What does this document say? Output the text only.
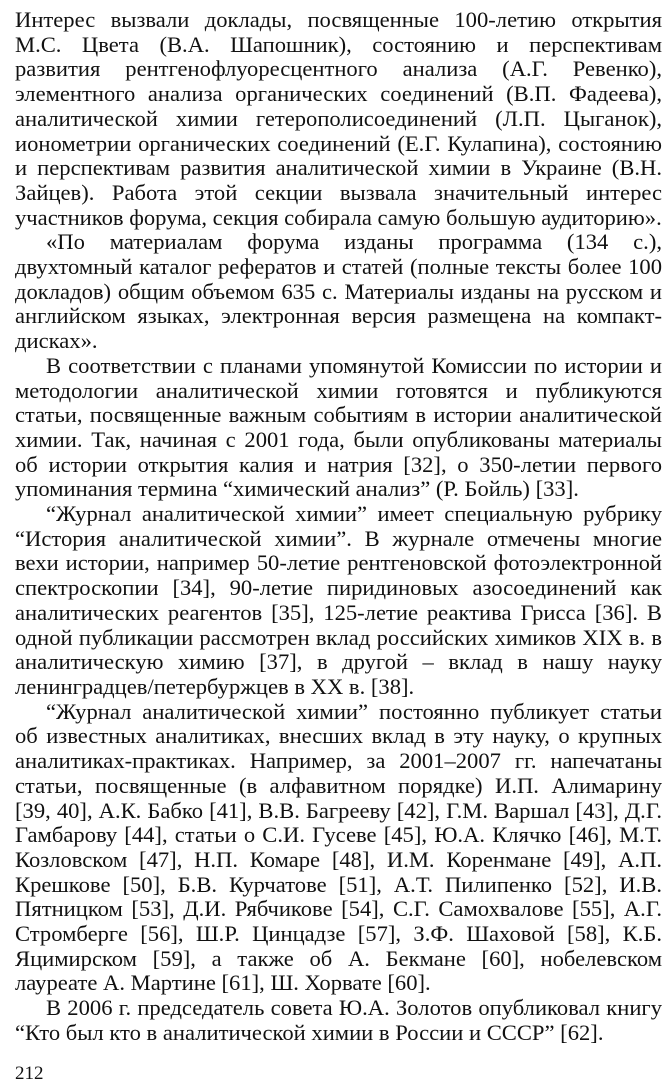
Интерес вызвали доклады, посвященные 100-летию открытия М.С. Цвета (В.А. Шапошник), состоянию и перспективам развития рентгенофлуоресцентного анализа (А.Г. Ревенко), элементного анализа органических соединений (В.П. Фадеева), аналитической химии гетерополисоединений (Л.П. Цыганок), ионометрии органических соединений (Е.Г. Кулапина), состоянию и перспективам развития аналитической химии в Украине (В.Н. Зайцев). Работа этой секции вызвала значительный интерес участников форума, секция собирала самую большую аудиторию».

«По материалам форума изданы программа (134 с.), двухтомный каталог рефератов и статей (полные тексты более 100 докладов) общим объемом 635 с. Материалы изданы на русском и английском языках, электронная версия размещена на компакт-дисках».

В соответствии с планами упомянутой Комиссии по истории и методологии аналитической химии готовятся и публикуются статьи, посвященные важным событиям в истории аналитической химии. Так, начиная с 2001 года, были опубликованы материалы об истории открытия калия и натрия [32], о 350-летии первого упоминания термина “химический анализ” (Р. Бойль) [33].

“Журнал аналитической химии” имеет специальную рубрику “История аналитической химии”. В журнале отмечены многие вехи истории, например 50-летие рентгеновской фотоэлектронной спектроскопии [34], 90-летие пиридиновых азосоединений как аналитических реагентов [35], 125-летие реактива Грисса [36]. В одной публикации рассмотрен вклад российских химиков XIX в. в аналитическую химию [37], в другой – вклад в нашу науку ленинградцев/петербуржцев в XX в. [38].

“Журнал аналитической химии” постоянно публикует статьи об известных аналитиках, внесших вклад в эту науку, о крупных аналитиках-практиках. Например, за 2001–2007 гг. напечатаны статьи, посвященные (в алфавитном порядке) И.П. Алимарину [39, 40], А.К. Бабко [41], В.В. Багрееву [42], Г.М. Варшал [43], Д.Г. Гамбарову [44], статьи о С.И. Гусеве [45], Ю.А. Клячко [46], М.Т. Козловском [47], Н.П. Комаре [48], И.М. Коренмане [49], А.П. Крешкове [50], Б.В. Курчатове [51], А.Т. Пилипенко [52], И.В. Пятницком [53], Д.И. Рябчикове [54], С.Г. Самохвалове [55], А.Г. Стромберге [56], Ш.Р. Цинцадзе [57], З.Ф. Шаховой [58], К.Б. Яцимирском [59], а также об А. Бекмане [60], нобелевском лауреате А. Мартине [61], Ш. Хорвате [60].

В 2006 г. председатель совета Ю.А. Золотов опубликовал книгу “Кто был кто в аналитической химии в России и СССР” [62].

212
